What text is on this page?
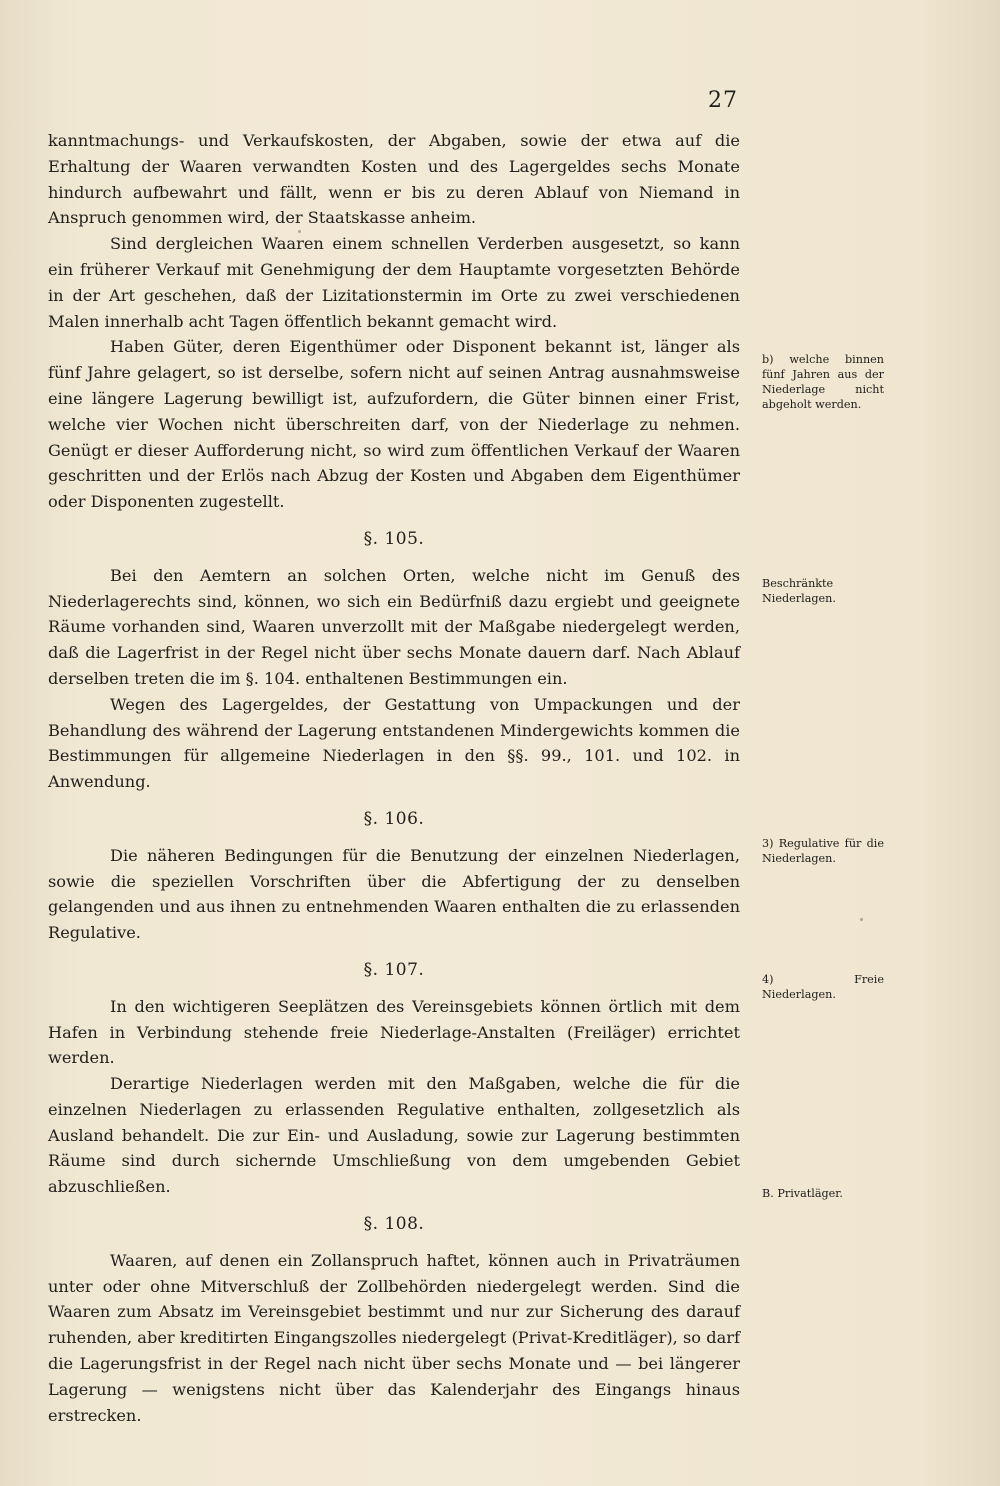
27

kanntmachungs- und Verkaufskosten, der Abgaben, sowie der etwa auf die Erhaltung der Waaren verwandten Kosten und des Lagergeldes sechs Monate hindurch aufbewahrt und fällt, wenn er bis zu deren Ablauf von Niemand in Anspruch genommen wird, der Staatskasse anheim.

Sind dergleichen Waaren einem schnellen Verderben ausgesetzt, so kann ein früherer Verkauf mit Genehmigung der dem Hauptamte vorgesetzten Behörde in der Art geschehen, daß der Lizitationstermin im Orte zu zwei verschiedenen Malen innerhalb acht Tagen öffentlich bekannt gemacht wird.

Haben Güter, deren Eigenthümer oder Disponent bekannt ist, länger als fünf Jahre gelagert, so ist derselbe, sofern nicht auf seinen Antrag ausnahmsweise eine längere Lagerung bewilligt ist, aufzufordern, die Güter binnen einer Frist, welche vier Wochen nicht überschreiten darf, von der Niederlage zu nehmen. Genügt er dieser Aufforderung nicht, so wird zum öffentlichen Verkauf der Waaren geschritten und der Erlös nach Abzug der Kosten und Abgaben dem Eigenthümer oder Disponenten zugestellt.

§. 105.

Bei den Aemtern an solchen Orten, welche nicht im Genuß des Niederlagerechts sind, können, wo sich ein Bedürfniß dazu ergiebt und geeignete Räume vorhanden sind, Waaren unverzollt mit der Maßgabe niedergelegt werden, daß die Lagerfrist in der Regel nicht über sechs Monate dauern darf. Nach Ablauf derselben treten die im §. 104. enthaltenen Bestimmungen ein.

Wegen des Lagergeldes, der Gestattung von Umpackungen und der Behandlung des während der Lagerung entstandenen Mindergewichts kommen die Bestimmungen für allgemeine Niederlagen in den §§. 99., 101. und 102. in Anwendung.

§. 106.

Die näheren Bedingungen für die Benutzung der einzelnen Niederlagen, sowie die speziellen Vorschriften über die Abfertigung der zu denselben gelangenden und aus ihnen zu entnehmenden Waaren enthalten die zu erlassenden Regulative.

§. 107.

In den wichtigeren Seeplätzen des Vereinsgebiets können örtlich mit dem Hafen in Verbindung stehende freie Niederlage-Anstalten (Freiläger) errichtet werden.

Derartige Niederlagen werden mit den Maßgaben, welche die für die einzelnen Niederlagen zu erlassenden Regulative enthalten, zollgesetzlich als Ausland behandelt. Die zur Ein- und Ausladung, sowie zur Lagerung bestimmten Räume sind durch sichernde Umschließung von dem umgebenden Gebiet abzuschließen.

§. 108.

Waaren, auf denen ein Zollanspruch haftet, können auch in Privaträumen unter oder ohne Mitverschluß der Zollbehörden niedergelegt werden. Sind die Waaren zum Absatz im Vereinsgebiet bestimmt und nur zur Sicherung des darauf ruhenden, aber kreditirten Eingangszolles niedergelegt (Privat-Kreditläger), so darf die Lagerungsfrist in der Regel nach nicht über sechs Monate und — bei längerer Lagerung — wenigstens nicht über das Kalenderjahr des Eingangs hinaus erstrecken.

b) welche binnen fünf Jahren aus der Niederlage nicht abgeholt werden.
Beschränkte Niederlagen.
3) Regulative für die Niederlagen.
4) Freie Niederlagen.
B. Privatläger.
